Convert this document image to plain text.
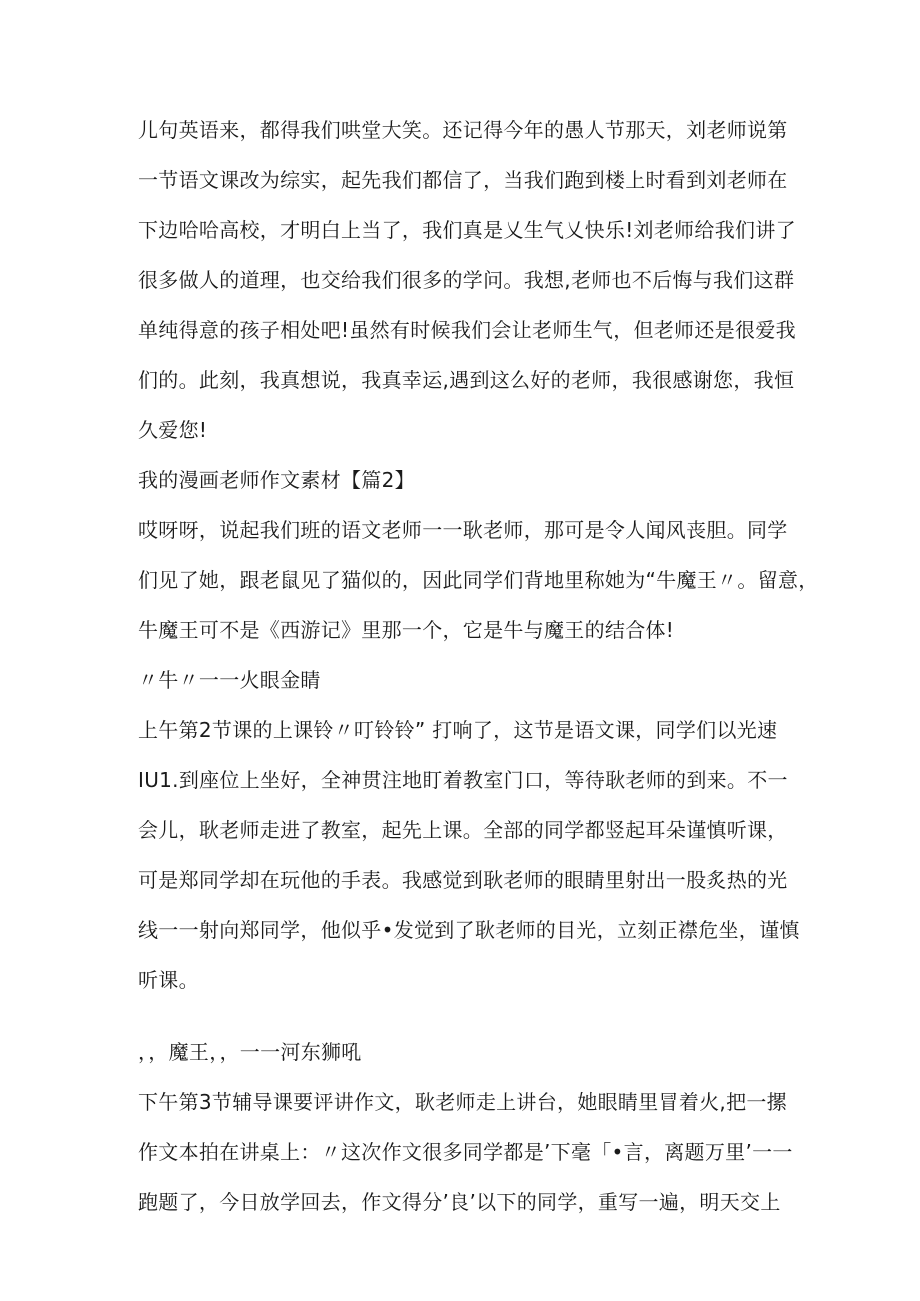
儿句英语来，都得我们哄堂大笑。还记得今年的愚人节那天，刘老师说第
一节语文课改为综实，起先我们都信了，当我们跑到楼上时看到刘老师在
下边哈哈高校，才明白上当了，我们真是乂生气乂快乐!刘老师给我们讲了
很多做人的道理，也交给我们很多的学问。我想,老师也不后悔与我们这群
单纯得意的孩子相处吧!虽然有时候我们会让老师生气，但老师还是很爱我
们的。此刻，我真想说，我真幸运,遇到这么好的老师，我很感谢您，我恒
久爱您!
我的漫画老师作文素材【篇2】
哎呀呀，说起我们班的语文老师一一耿老师，那可是令人闻风丧胆。同学
们见了她，跟老鼠见了猫似的，因此同学们背地里称她为“牛魔王〃。留意，
牛魔王可不是《西游记》里那一个，它是牛与魔王的结合体!
〃牛〃一一火眼金睛
上午第2节课的上课铃〃叮铃铃” 打响了，这节是语文课，同学们以光速
IU1.到座位上坐好，全神贯注地盯着教室门口，等待耿老师的到来。不一
会儿，耿老师走进了教室，起先上课。全部的同学都竖起耳朵谨慎听课，
可是郑同学却在玩他的手表。我感觉到耿老师的眼睛里射出一股炙热的光
线一一射向郑同学，他似乎•发觉到了耿老师的目光，立刻正襟危坐，谨慎
听课。
，，魔王，，一一河东狮吼
下午第3节辅导课要评讲作文，耿老师走上讲台，她眼睛里冒着火,把一摞
作文本拍在讲桌上：〃这次作文很多同学都是’下毫「•言，离题万里’一一
跑题了，今日放学回去，作文得分’良’以下的同学，重写一遍，明天交上
